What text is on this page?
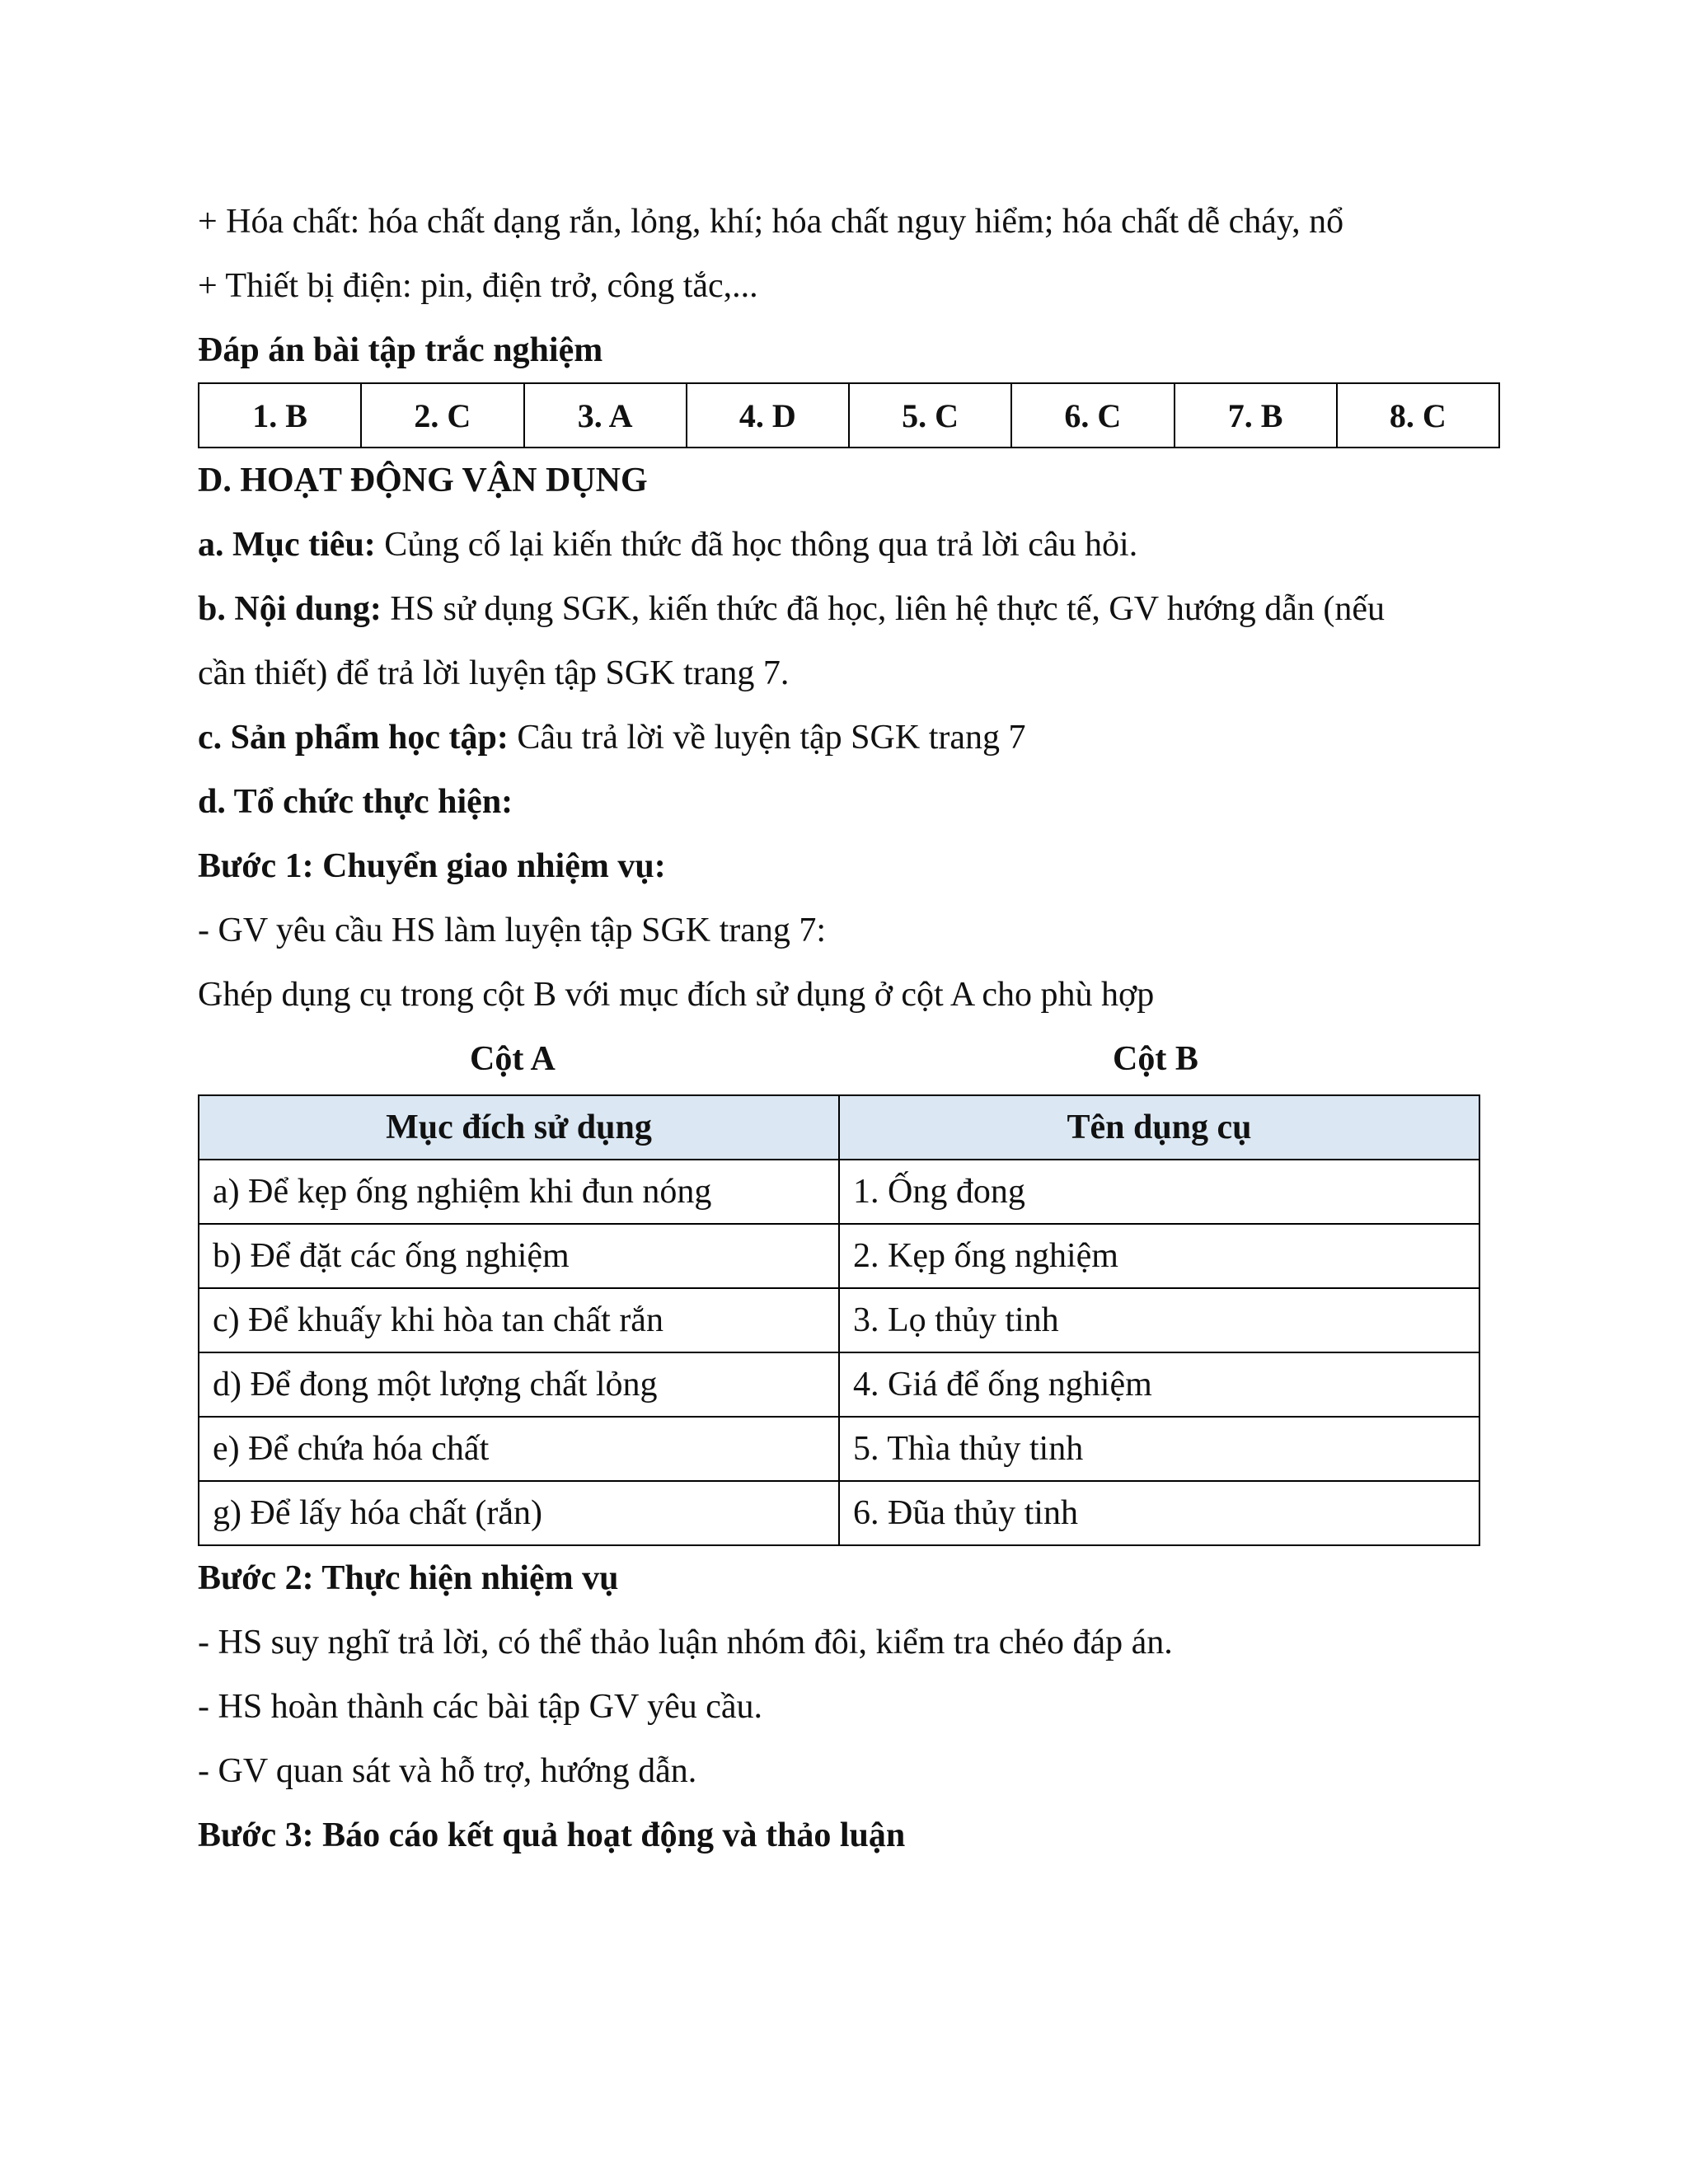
+ Hóa chất: hóa chất dạng rắn, lỏng, khí; hóa chất nguy hiểm; hóa chất dễ cháy, nổ
+ Thiết bị điện: pin, điện trở, công tắc,...
Đáp án bài tập trắc nghiệm
1. B	2. C	3. A	4. D	5. C	6. C	7. B	8. C
D. HOẠT ĐỘNG VẬN DỤNG
a. Mục tiêu: Củng cố lại kiến thức đã học thông qua trả lời câu hỏi.
b. Nội dung: HS sử dụng SGK, kiến thức đã học, liên hệ thực tế, GV hướng dẫn (nếu
cần thiết) để trả lời luyện tập SGK trang 7.
c. Sản phẩm học tập: Câu trả lời về luyện tập SGK trang 7
d. Tổ chức thực hiện:
Bước 1: Chuyển giao nhiệm vụ:
- GV yêu cầu HS làm luyện tập SGK trang 7:
Ghép dụng cụ trong cột B với mục đích sử dụng ở cột A cho phù hợp
Cột A	Cột B
Mục đích sử dụng	Tên dụng cụ
a) Để kẹp ống nghiệm khi đun nóng	1. Ống đong
b) Để đặt các ống nghiệm	2. Kẹp ống nghiệm
c) Để khuấy khi hòa tan chất rắn	3. Lọ thủy tinh
d) Để đong một lượng chất lỏng	4. Giá để ống nghiệm
e) Để chứa hóa chất	5. Thìa thủy tinh
g) Để lấy hóa chất (rắn)	6. Đũa thủy tinh
Bước 2: Thực hiện nhiệm vụ
- HS suy nghĩ trả lời, có thể thảo luận nhóm đôi, kiểm tra chéo đáp án.
- HS hoàn thành các bài tập GV yêu cầu.
- GV quan sát và hỗ trợ, hướng dẫn.
Bước 3: Báo cáo kết quả hoạt động và thảo luận
